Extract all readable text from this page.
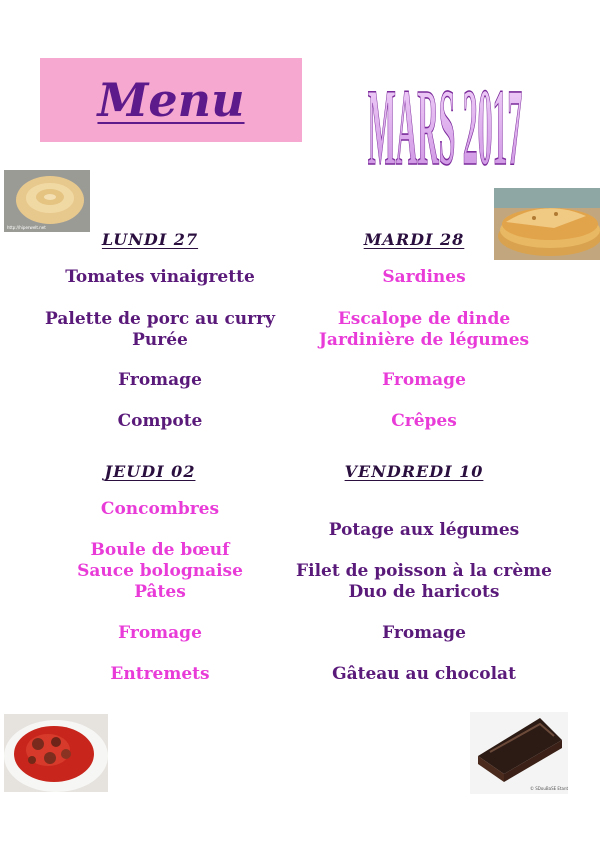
Menu	MARS 2017
http://hiperwelt.net
© SDouBaSE Etant
LUNDI 27
Tomates vinaigrette
Palette de porc au curry
Purée
Fromage
Compote
MARDI 28
Sardines
Escalope de dinde
Jardinière de légumes
Fromage
Crêpes
JEUDI 02
Concombres
Boule de bœuf
Sauce bolognaise
Pâtes
Fromage
Entremets
VENDREDI 10
Potage aux légumes
Filet de poisson à la crème
Duo de haricots
Fromage
Gâteau au chocolat
